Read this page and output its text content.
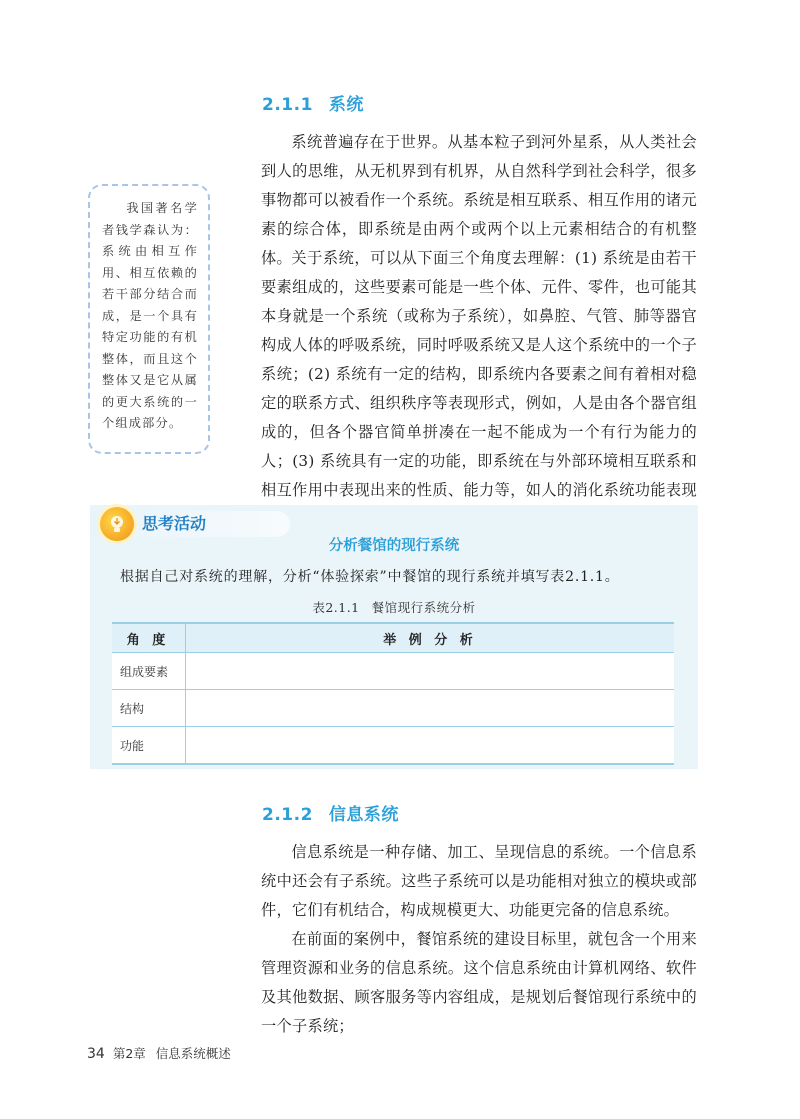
2.1.1 系统

系统普遍存在于世界。从基本粒子到河外星系，从人类社会到人的思维，从无机界到有机界，从自然科学到社会科学，很多事物都可以被看作一个系统。系统是相互联系、相互作用的诸元素的综合体，即系统是由两个或两个以上元素相结合的有机整体。 关于系统，可以从下面三个角度去理解：(1) 系统是由若干要素组成的，这些要素可能是一些个体、元件、零件，也可能其本身就是一个系统（或称为子系统），如鼻腔、气管、肺等器官构成人体的呼吸系统，同时呼吸系统又是人这个系统中的一个子系统；(2) 系统有一定的结构，即系统内各要素之间有着相对稳定的联系方式、组织秩序等表现形式，例如，人是由各个器官组成的，但各个器官简单拼凑在一起不能成为一个有行为能力的人；(3) 系统具有一定的功能，即系统在与外部环境相互联系和相互作用中表现出来的性质、能力等，如人的消化系统功能表现

我国著名学者钱学森认为：系统由相互作用、相互依赖的若干部分结合而成，是一个具有特定功能的有机整体，而且这个整体又是它从属的更大系统的一个组成部分。
思考活动
分析餐馆的现行系统
根据自己对系统的理解，分析“体验探索”中餐馆的现行系统并填写表2.1.1。
表2.1.1 餐馆现行系统分析
角 度	举 例 分 析
组成要素	
结构	
功能	
2.1.2 信息系统

信息系统是一种存储、加工、呈现信息的系统。一个信息系统中还会有子系统。这些子系统可以是功能相对独立的模块或部件，它们有机结合，构成规模更大、功能更完备的信息系统。

在前面的案例中，餐馆系统的建设目标里，就包含一个用来管理资源和业务的信息系统。这个信息系统由计算机网络、软件及其他数据、顾客服务等内容组成，是规划后餐馆现行系统中的一个子系统；

34 第2章 信息系统概述
